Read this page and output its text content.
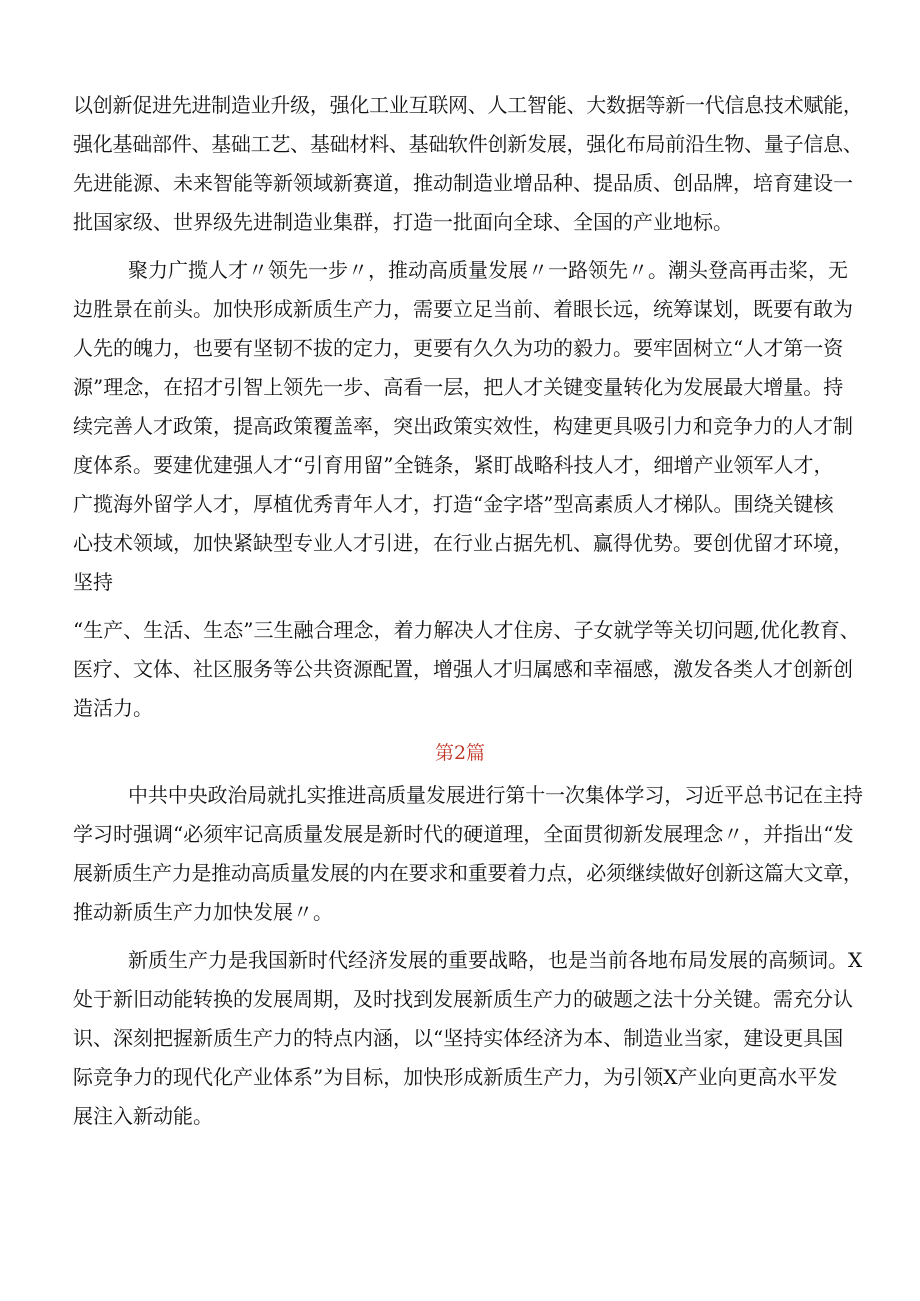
以创新促进先进制造业升级，强化工业互联网、人工智能、大数据等新一代信息技术赋能，
强化基础部件、基础工艺、基础材料、基础软件创新发展，强化布局前沿生物、量子信息、
先进能源、未来智能等新领域新赛道，推动制造业增品种、提品质、创品牌，培育建设一
批国家级、世界级先进制造业集群，打造一批面向全球、全国的产业地标。
聚力广揽人才〃领先一步〃，推动高质量发展〃一路领先〃。潮头登高再击桨，无
边胜景在前头。加快形成新质生产力，需要立足当前、着眼长远，统筹谋划，既要有敢为
人先的魄力，也要有坚韧不拔的定力，更要有久久为功的毅力。要牢固树立“人才第一资
源”理念，在招才引智上领先一步、高看一层，把人才关键变量转化为发展最大增量。持
续完善人才政策，提高政策覆盖率，突出政策实效性，构建更具吸引力和竞争力的人才制
度体系。要建优建强人才“引育用留”全链条，紧盯战略科技人才，细增产业领军人才，
广揽海外留学人才，厚植优秀青年人才，打造“金字塔”型高素质人才梯队。围绕关键核
心技术领域，加快紧缺型专业人才引进，在行业占据先机、赢得优势。要创优留才环境，
坚持
“生产、生活、生态”三生融合理念，着力解决人才住房、子女就学等关切问题,优化教育、
医疗、文体、社区服务等公共资源配置，增强人才归属感和幸福感，激发各类人才创新创
造活力。
第2篇
中共中央政治局就扎实推进高质量发展进行第十一次集体学习，习近平总书记在主持
学习时强调“必须牢记高质量发展是新时代的硬道理，全面贯彻新发展理念〃，并指出“发
展新质生产力是推动高质量发展的内在要求和重要着力点，必须继续做好创新这篇大文章，
推动新质生产力加快发展〃。
新质生产力是我国新时代经济发展的重要战略，也是当前各地布局发展的高频词。X
处于新旧动能转换的发展周期，及时找到发展新质生产力的破题之法十分关键。需充分认
识、深刻把握新质生产力的特点内涵，以“坚持实体经济为本、制造业当家，建设更具国
际竞争力的现代化产业体系”为目标，加快形成新质生产力，为引领X产业向更高水平发
展注入新动能。
